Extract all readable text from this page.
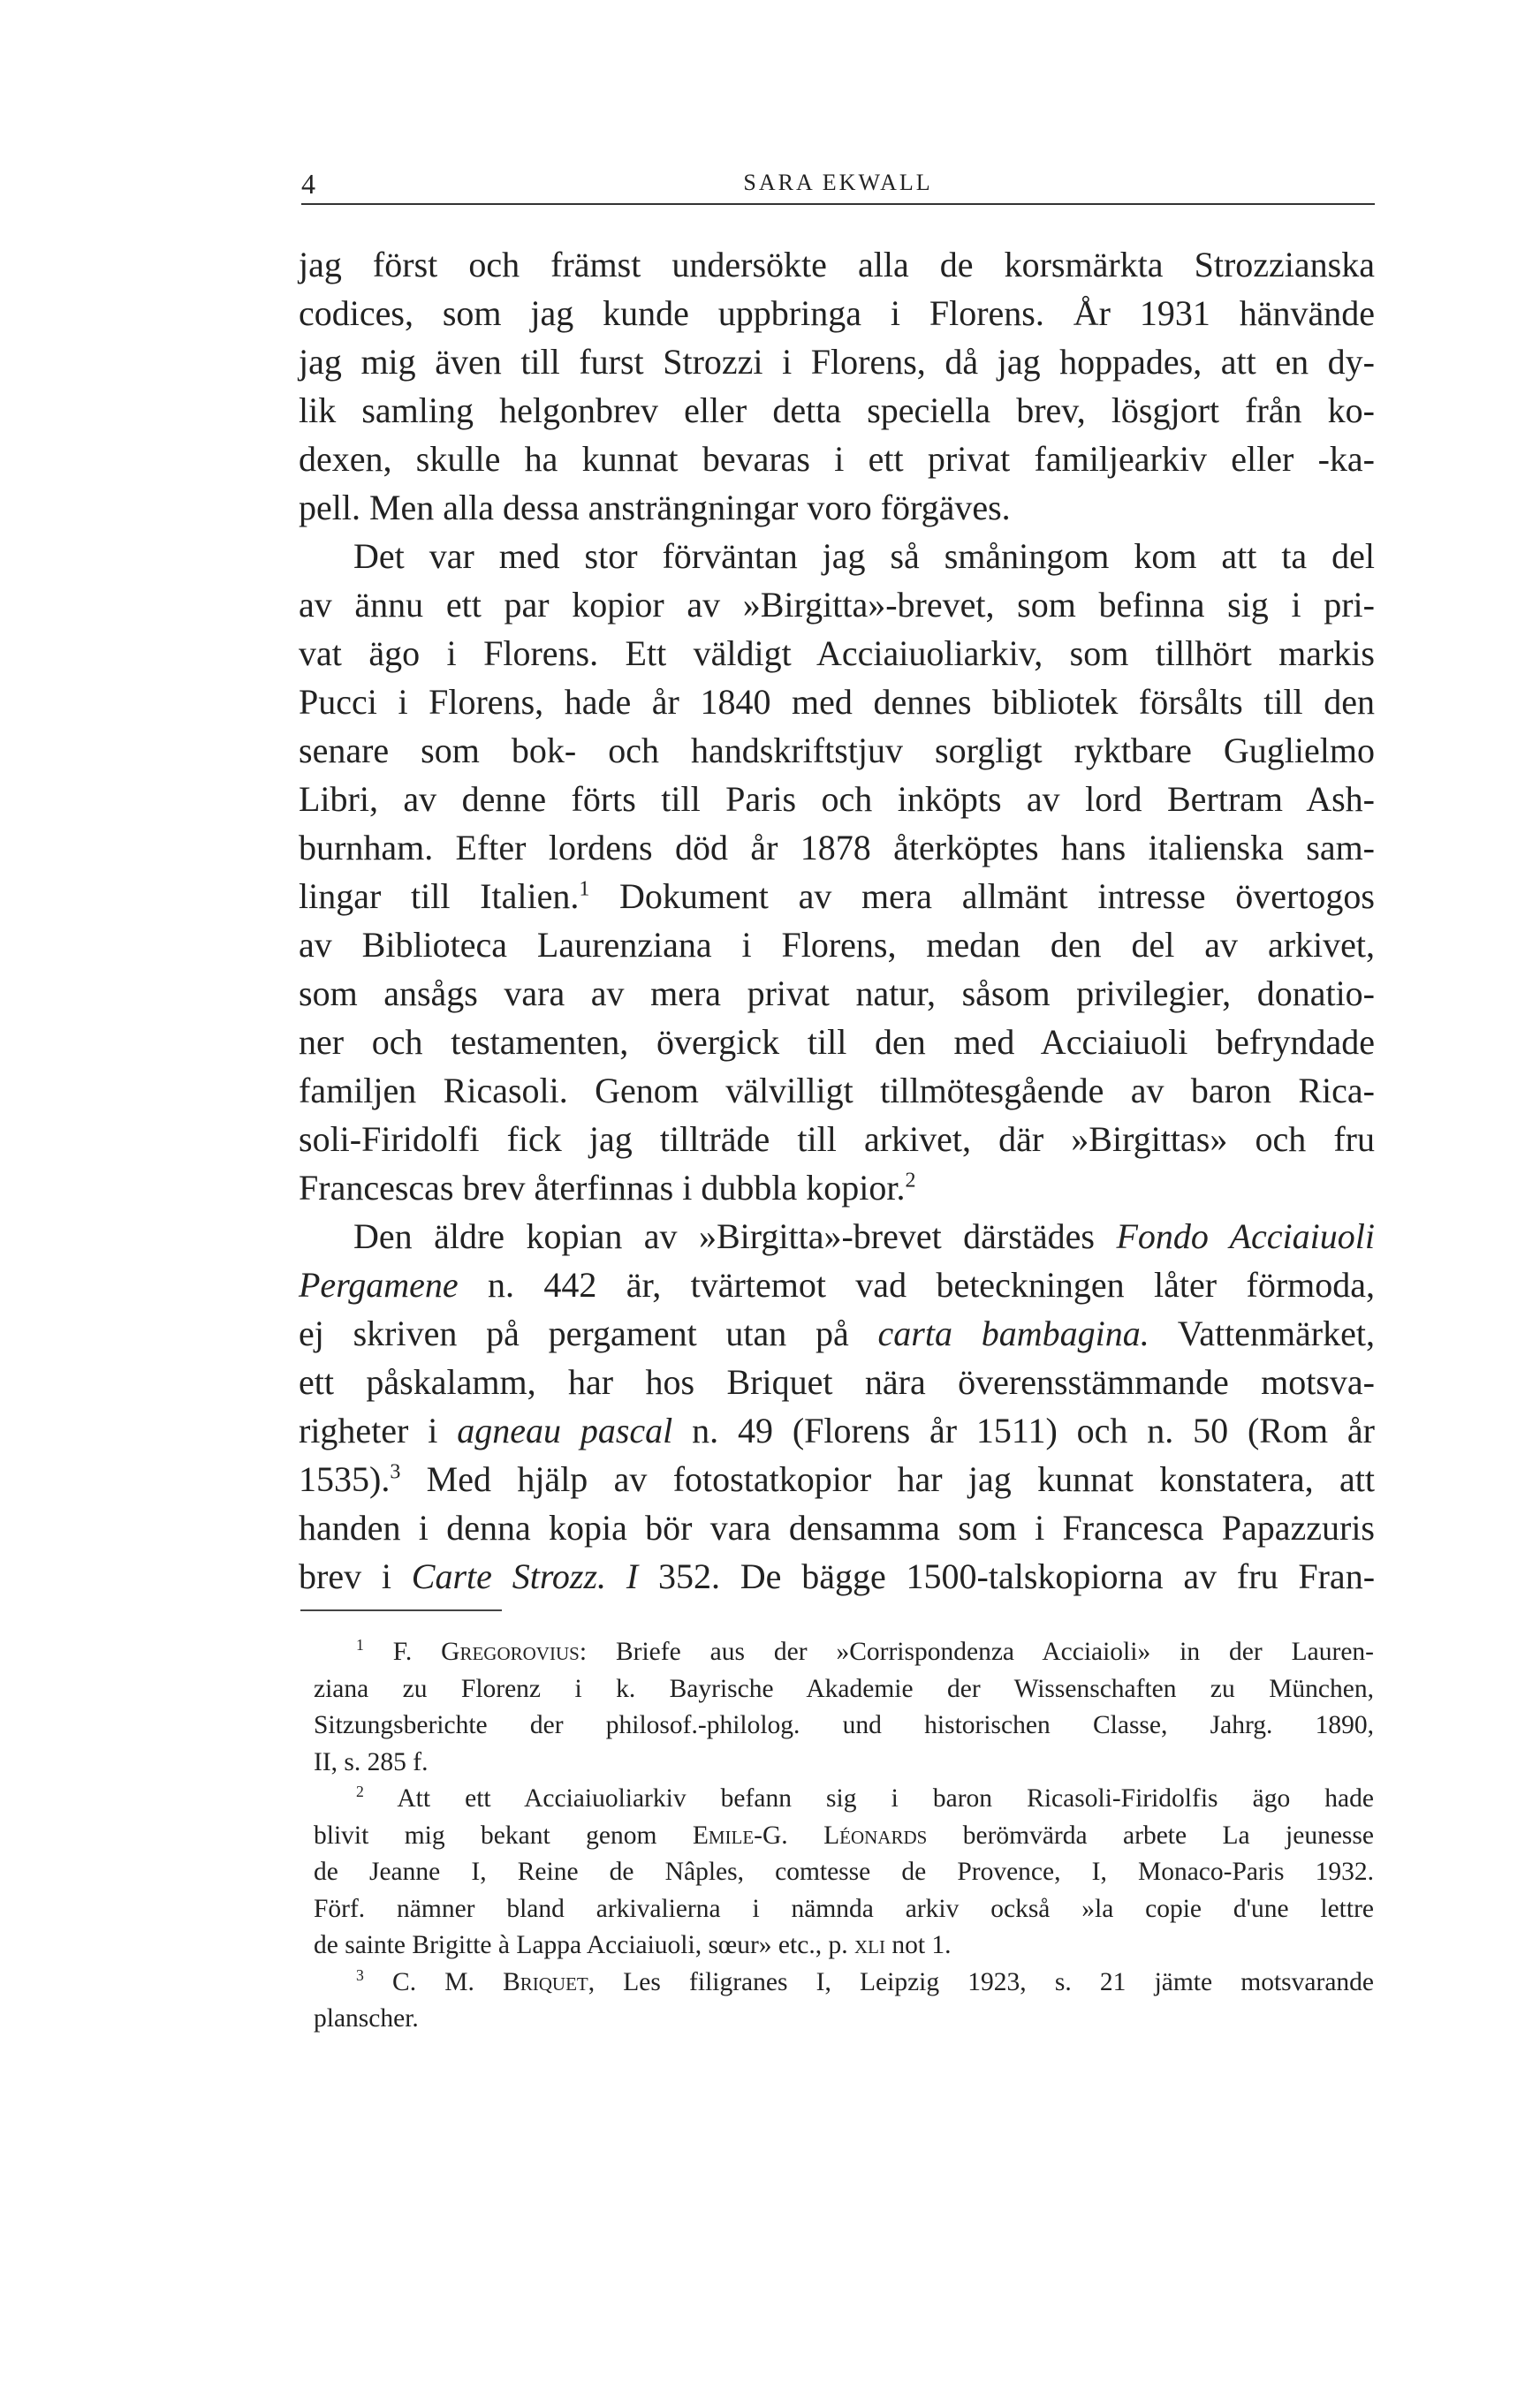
4	SARA EKWALL
jag först och främst undersökte alla de korsmärkta Strozzianska
codices, som jag kunde uppbringa i Florens. År 1931 hänvände
jag mig även till furst Strozzi i Florens, då jag hoppades, att en dy-
lik samling helgonbrev eller detta speciella brev, lösgjort från ko-
dexen, skulle ha kunnat bevaras i ett privat familjearkiv eller -ka-
pell. Men alla dessa ansträngningar voro förgäves.
Det var med stor förväntan jag så småningom kom att ta del
av ännu ett par kopior av »Birgitta»-brevet, som befinna sig i pri-
vat ägo i Florens. Ett väldigt Acciaiuoliarkiv, som tillhört markis
Pucci i Florens, hade år 1840 med dennes bibliotek försålts till den
senare som bok- och handskriftstjuv sorgligt ryktbare Guglielmo
Libri, av denne förts till Paris och inköpts av lord Bertram Ash-
burnham. Efter lordens död år 1878 återköptes hans italienska sam-
lingar till Italien.$^1$ Dokument av mera allmänt intresse övertogos
av Biblioteca Laurenziana i Florens, medan den del av arkivet,
som ansågs vara av mera privat natur, såsom privilegier, donatio-
ner och testamenten, övergick till den med Acciaiuoli befryndade
familjen Ricasoli. Genom välvilligt tillmötesgående av baron Rica-
soli-Firidolfi fick jag tillträde till arkivet, där »Birgittas» och fru
Francescas brev återfinnas i dubbla kopior.$^2$
Den äldre kopian av »Birgitta»-brevet därstädes Fondo Acciaiuoli
Pergamene n. 442 är, tvärtemot vad beteckningen låter förmoda,
ej skriven på pergament utan på carta bambagina. Vattenmärket,
ett påskalamm, har hos Briquet nära överensstämmande motsva-
righeter i agneau pascal n. 49 (Florens år 1511) och n. 50 (Rom år
1535).$^3$ Med hjälp av fotostatkopior har jag kunnat konstatera, att
handen i denna kopia bör vara densamma som i Francesca Papazzuris
brev i Carte Strozz. I 352. De bägge 1500-talskopiorna av fru Fran-
$^1$ F. Gregorovius: Briefe aus der »Corrispondenza Acciaioli» in der Lauren-
ziana zu Florenz i k. Bayrische Akademie der Wissenschaften zu München,
Sitzungsberichte der philosof.-philolog. und historischen Classe, Jahrg. 1890,
II, s. 285 f.
$^2$ Att ett Acciaiuoliarkiv befann sig i baron Ricasoli-Firidolfis ägo hade
blivit mig bekant genom Emile-G. Léonards berömvärda arbete La jeunesse
de Jeanne I, Reine de Nâples, comtesse de Provence, I, Monaco-Paris 1932.
Förf. nämner bland arkivalierna i nämnda arkiv också »la copie d'une lettre
de sainte Brigitte à Lappa Acciaiuoli, sœur» etc., p. xli not 1.
$^3$ C. M. Briquet, Les filigranes I, Leipzig 1923, s. 21 jämte motsvarande
planscher.
